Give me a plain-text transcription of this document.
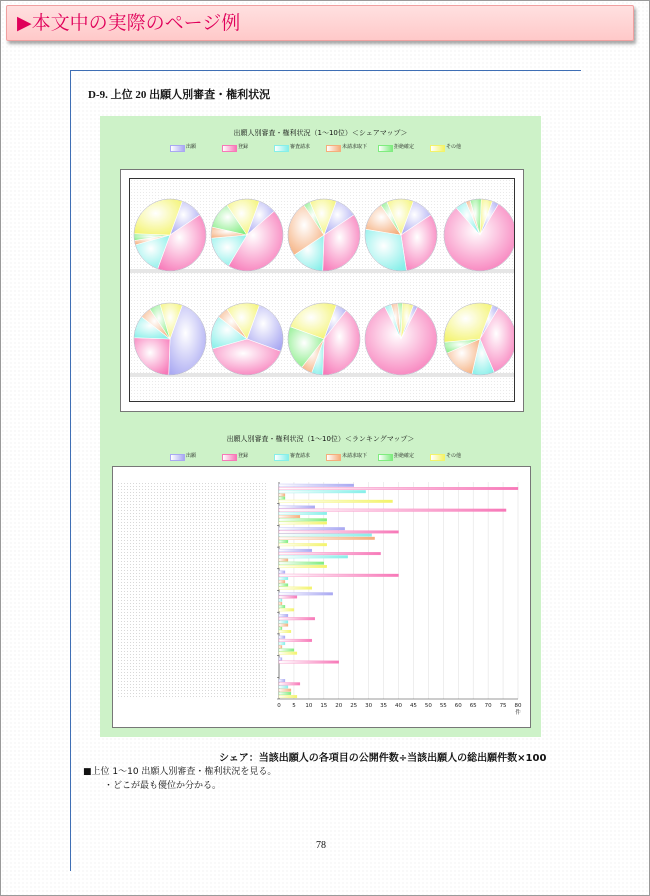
▶本文中の実際のページ例
D-9. 上位 20 出願人別審査・権利状況
出願人別審査・権利状況（1～10位）＜シェアマップ＞
出願	登録	審査請求	未請求取下	拒絶確定	その他
出願人別審査・権利状況（1～10位）＜ランキングマップ＞
出願	登録	審査請求	未請求取下	拒絶確定	その他
0 5 10 15 20 25 30 35 40 45 50 55 60 65 70 75 80
件
シェア：当該出願人の各項目の公開件数÷当該出願人の総出願件数×100
■上位 1～10 出願人別審査・権利状況を見る。
・どこが最も優位か分かる。
78
